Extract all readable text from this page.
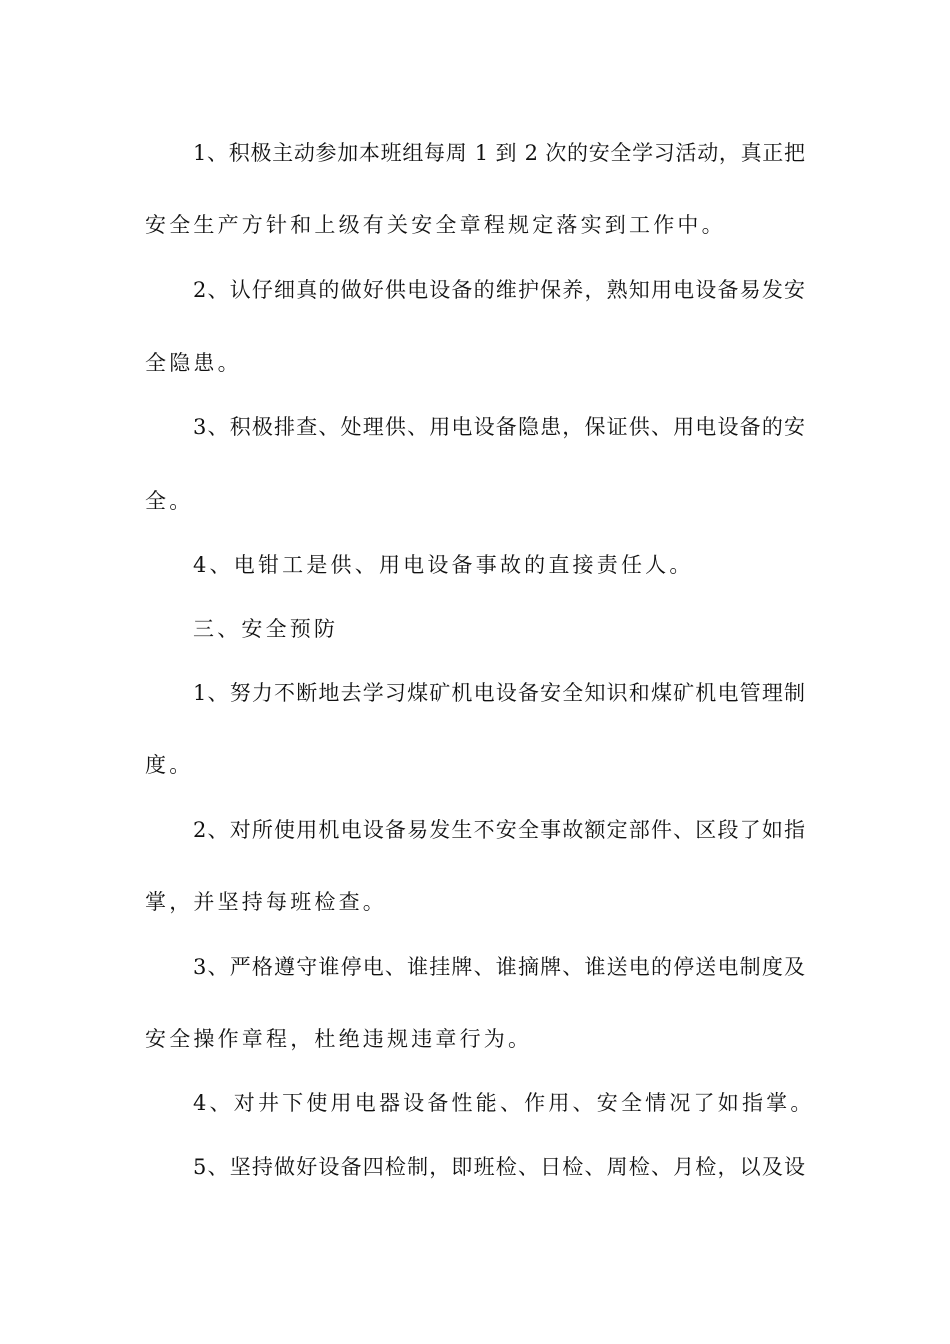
1、积极主动参加本班组每周 1 到 2 次的安全学习活动，真正把
安全生产方针和上级有关安全章程规定落实到工作中。
2、认仔细真的做好供电设备的维护保养，熟知用电设备易发安
全隐患。
3、积极排查、处理供、用电设备隐患，保证供、用电设备的安
全。
4、电钳工是供、用电设备事故的直接责任人。
三、安全预防
1、努力不断地去学习煤矿机电设备安全知识和煤矿机电管理制
度。
2、对所使用机电设备易发生不安全事故额定部件、区段了如指
掌，并坚持每班检查。
3、严格遵守谁停电、谁挂牌、谁摘牌、谁送电的停送电制度及
安全操作章程，杜绝违规违章行为。
4、对井下使用电器设备性能、作用、安全情况了如指掌。
5、坚持做好设备四检制，即班检、日检、周检、月检，以及设
